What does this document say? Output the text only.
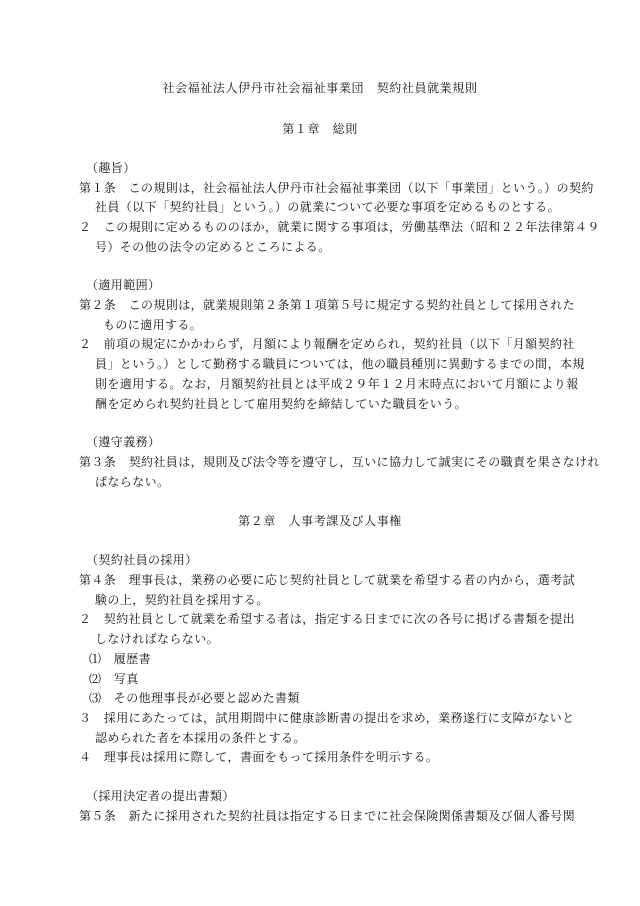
社会福祉法人伊丹市社会福祉事業団　契約社員就業規則
第１章　総則
（趣旨）
第１条　この規則は，社会福祉法人伊丹市社会福祉事業団（以下「事業団」という。）の契約
社員（以下「契約社員」という。）の就業について必要な事項を定めるものとする。
２　この規則に定めるもののほか，就業に関する事項は，労働基準法（昭和２２年法律第４９
号）その他の法令の定めるところによる。
（適用範囲）
第２条　この規則は，就業規則第２条第１項第５号に規定する契約社員として採用された
ものに適用する。
２　前項の規定にかかわらず，月額により報酬を定められ，契約社員（以下「月額契約社
員」という。）として勤務する職員については，他の職員種別に異動するまでの間，本規
則を適用する。なお，月額契約社員とは平成２９年１２月末時点において月額により報
酬を定められ契約社員として雇用契約を締結していた職員をいう。
（遵守義務）
第３条　契約社員は，規則及び法令等を遵守し，互いに協力して誠実にその職責を果さなけれ
ばならない。
第２章　人事考課及び人事権
（契約社員の採用）
第４条　理事長は，業務の必要に応じ契約社員として就業を希望する者の内から，選考試
験の上，契約社員を採用する。
２　契約社員として就業を希望する者は，指定する日までに次の各号に掲げる書類を提出
しなければならない。
⑴　履歴書
⑵　写真
⑶　その他理事長が必要と認めた書類
３　採用にあたっては，試用期間中に健康診断書の提出を求め，業務遂行に支障がないと
認められた者を本採用の条件とする。
４　理事長は採用に際して，書面をもって採用条件を明示する。
（採用決定者の提出書類）
第５条　新たに採用された契約社員は指定する日までに社会保険関係書類及び個人番号関
